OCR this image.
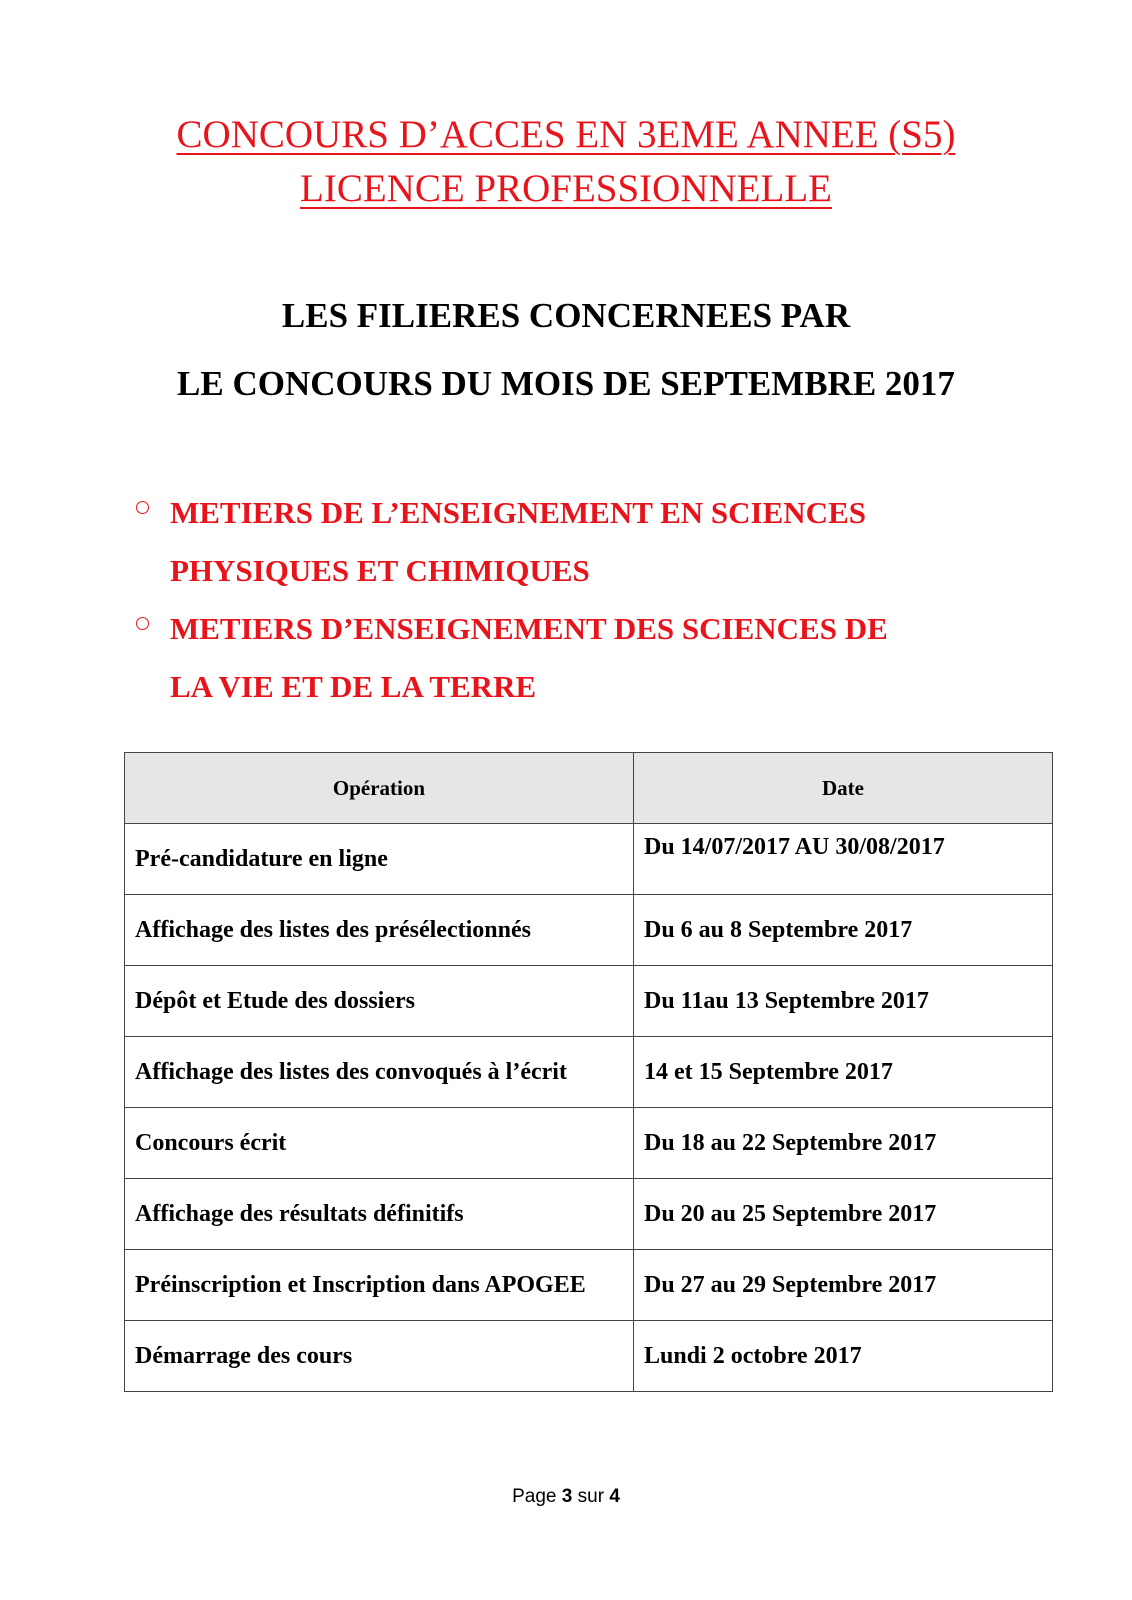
CONCOURS D’ACCES EN 3EME ANNEE (S5)
LICENCE PROFESSIONNELLE
LES FILIERES CONCERNEES PAR
LE CONCOURS DU MOIS DE SEPTEMBRE 2017
METIERS DE L’ENSEIGNEMENT EN SCIENCES
PHYSIQUES ET CHIMIQUES
METIERS D’ENSEIGNEMENT DES SCIENCES DE
LA VIE ET DE LA TERRE
Opération	Date
Pré-candidature en ligne	Du 14/07/2017 AU 30/08/2017
Affichage des listes des présélectionnés	Du 6 au 8 Septembre 2017
Dépôt et Etude des dossiers	Du 11au 13 Septembre 2017
Affichage des listes des convoqués à l’écrit	14 et 15 Septembre 2017
Concours écrit	Du 18 au 22 Septembre 2017
Affichage des résultats définitifs	Du 20 au 25 Septembre 2017
Préinscription et Inscription dans APOGEE	Du 27 au 29 Septembre 2017
Démarrage des cours	Lundi 2 octobre 2017
Page 3 sur 4
